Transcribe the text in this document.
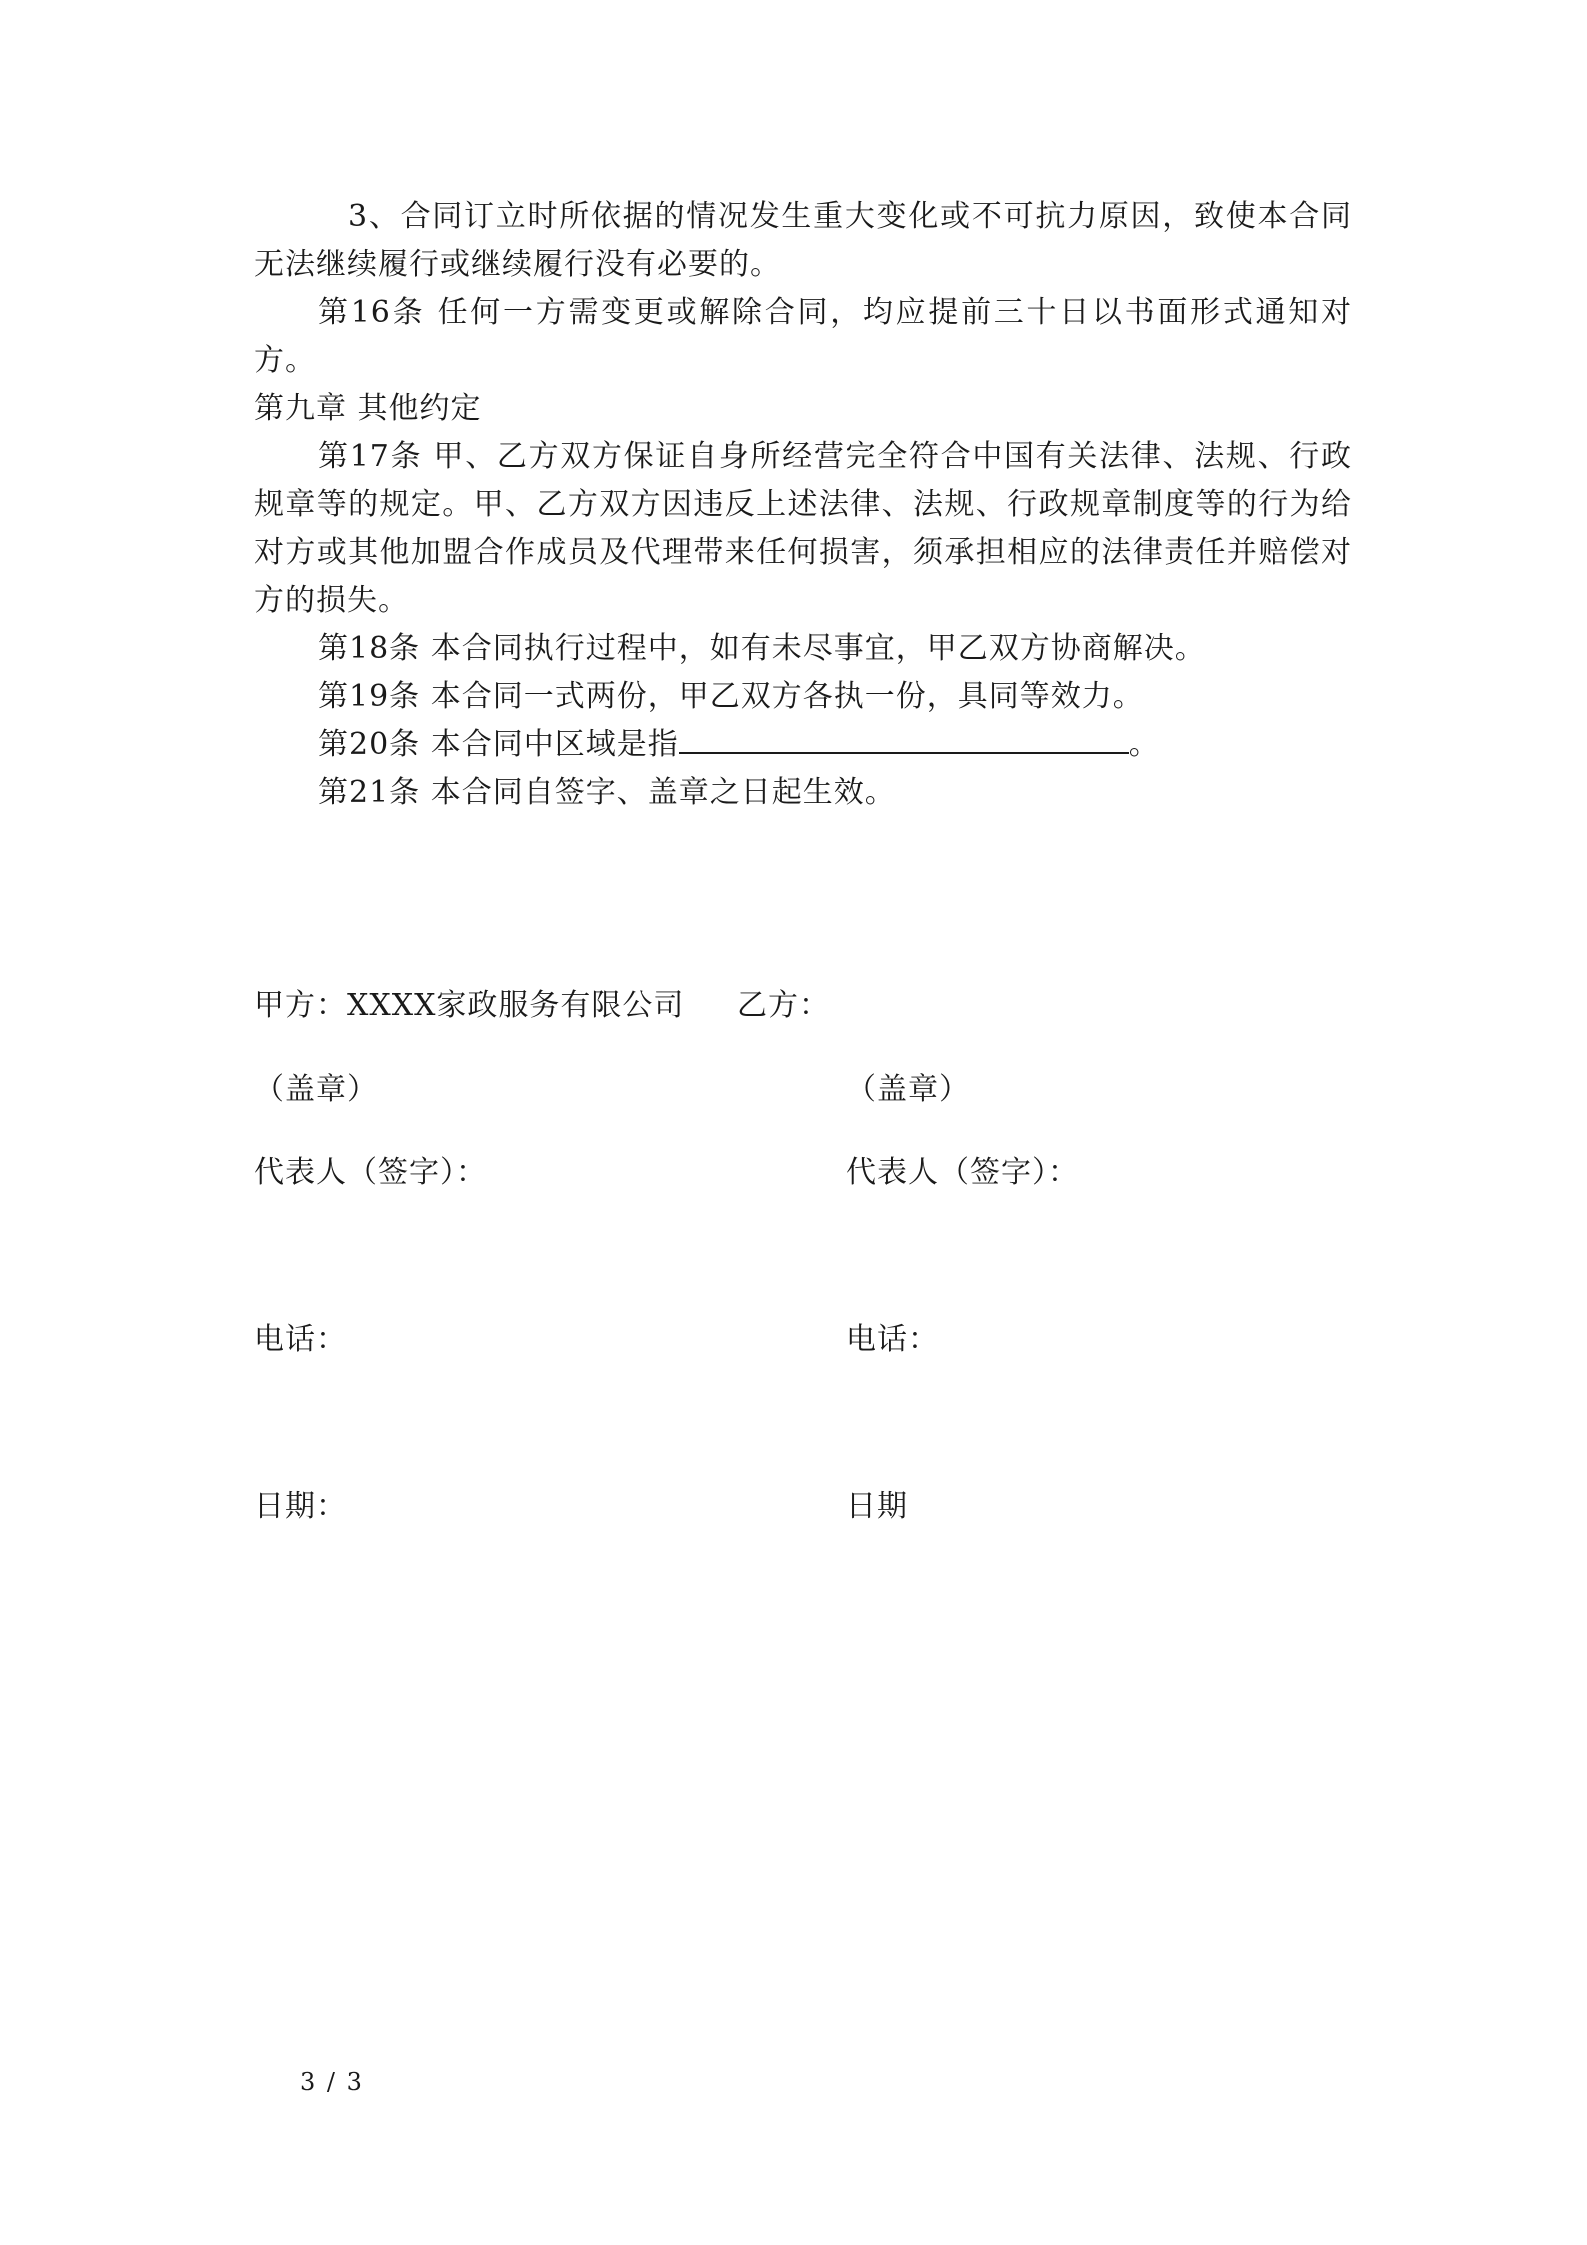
3、合同订立时所依据的情况发生重大变化或不可抗力原因，致使本合同无法继续履行或继续履行没有必要的。

第16条 任何一方需变更或解除合同，均应提前三十日以书面形式通知对方。

第九章 其他约定

第17条 甲、乙方双方保证自身所经营完全符合中国有关法律、法规、行政规章等的规定。甲、乙方双方因违反上述法律、法规、行政规章制度等的行为给对方或其他加盟合作成员及代理带来任何损害，须承担相应的法律责任并赔偿对方的损失。

第18条 本合同执行过程中，如有未尽事宜，甲乙双方协商解决。

第19条 本合同一式两份，甲乙双方各执一份，具同等效力。

第20条 本合同中区域是指	。

第21条 本合同自签字、盖章之日起生效。

甲方：XXXX家政服务有限公司 乙方：
（盖章）	（盖章）
代表人（签字）：	代表人（签字）：
电话：	电话：
日期：	日期
3 / 3
